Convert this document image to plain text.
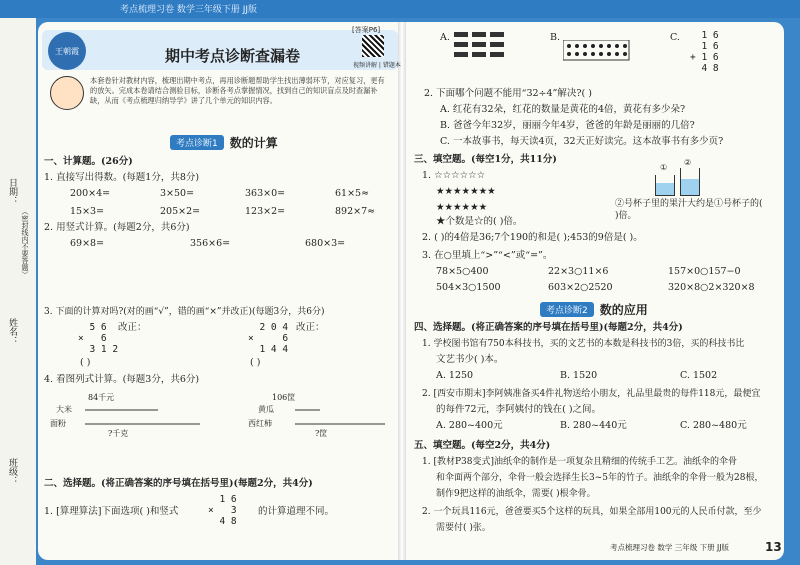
考点梳理习卷 数学三年级下册 JJ版
日期：
（密封线内不要答题）
姓名：
班级：
王朝霞	期中考点诊断查漏卷
[答案P6]
视频讲解 | 错题本
本套卷针对教材内容，梳理出期中考点，再用诊断题帮助学生找出薄弱环节，对应复习，更有的放矢。完成本卷请结合测验目标，诊断各考点掌握情况，找到自己的知识盲点及时查漏补缺，从而《考点梳理归纳导学》讲了几个单元的知识内容。
考点诊断1	数的计算
一、计算题。(26分)
1. 直接写出得数。(每题1分，共8分)
200×4=	3×50=	363×0=	61×5≈
15×3=	205×2=	123×2=	892×7≈
2. 用竖式计算。(每题2分，共6分)
69×8=	356×6=	680×3=
3. 下面的计算对吗?(对的画“√”，错的画“×”并改正)(每题3分，共6分)
5 6
×   6
3 1 2
改正：
( )
2 0 4
×     6
1 4 4
改正：
( )
4. 看图列式计算。(每题3分，共6分)
84千元
大米
面粉
?千克
106筐
黄瓜
西红柿
?筐
二、选择题。(将正确答案的序号填在括号里)(每题2分，共4分)
1. [算理算法]下面选项( )和竖式
1 6
×   3
4 8
的计算道理不同。
A.	B.	C.	1 6
1 6
+ 1 6
4 8
2. 下面哪个问题不能用“32÷4”解决?( )
A. 红花有32朵，红花的数量是黄花的4倍，黄花有多少朵?
B. 爸爸今年32岁，丽丽今年4岁，爸爸的年龄是丽丽的几倍?
C. 一本故事书，每天读4页，32天正好读完。这本故事书有多少页?
三、填空题。(每空1分，共11分)
1. ☆☆☆☆☆☆
★★★★★★★
★★★★★★
★个数是☆的( )倍。
①
②
②号杯子里的果汁大约是①号杯子的( )倍。
2. ( )的4倍是36;7个190的和是( );453的9倍是( )。
3. 在○里填上“>”“<”或“=”。
78×5○400	22×3○11×6	157×0○157−0
504×3○1500	603×2○2520	320×8○2×320×8
考点诊断2	数的应用
四、选择题。(将正确答案的序号填在括号里)(每题2分，共4分)
1. 学校图书馆有750本科技书，买的文艺书的本数是科技书的3倍，买的科技书比
文艺书少( )本。
A. 1250	B. 1520	C. 1502
2. [西安市期末]李阿姨准备买4件礼物送给小朋友，礼品里最贵的每件118元，最便宜
的每件72元，李阿姨付的钱在( )之间。
A. 280~400元	B. 280~440元	C. 280~480元
五、填空题。(每空2分，共4分)
1. [教材P38变式]油纸伞的制作是一项复杂且精细的传统手工艺。油纸伞的伞骨
和伞面两个部分，伞骨一般会选择生长3~5年的竹子。油纸伞的伞骨一般为28根，
制作9把这样的油纸伞，需要( )根伞骨。
2. 一个玩具116元，爸爸要买5个这样的玩具，如果全部用100元的人民币付款，至少
需要付( )张。
考点梳理习卷 数学 三年级 下册 JJ版	13
